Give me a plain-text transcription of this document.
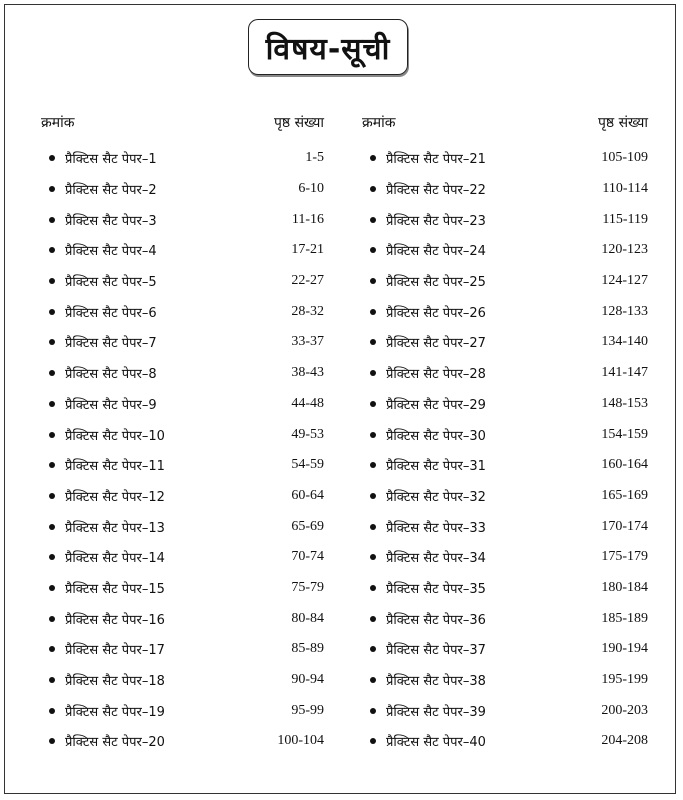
विषय-सूची
क्रमांक	पृष्ठ संख्या
प्रैक्टिस सैट पेपर–1	1-5
प्रैक्टिस सैट पेपर–2	6-10
प्रैक्टिस सैट पेपर–3	11-16
प्रैक्टिस सैट पेपर–4	17-21
प्रैक्टिस सैट पेपर–5	22-27
प्रैक्टिस सैट पेपर–6	28-32
प्रैक्टिस सैट पेपर–7	33-37
प्रैक्टिस सैट पेपर–8	38-43
प्रैक्टिस सैट पेपर–9	44-48
प्रैक्टिस सैट पेपर–10	49-53
प्रैक्टिस सैट पेपर–11	54-59
प्रैक्टिस सैट पेपर–12	60-64
प्रैक्टिस सैट पेपर–13	65-69
प्रैक्टिस सैट पेपर–14	70-74
प्रैक्टिस सैट पेपर–15	75-79
प्रैक्टिस सैट पेपर–16	80-84
प्रैक्टिस सैट पेपर–17	85-89
प्रैक्टिस सैट पेपर–18	90-94
प्रैक्टिस सैट पेपर–19	95-99
प्रैक्टिस सैट पेपर–20	100-104
क्रमांक	पृष्ठ संख्या
प्रैक्टिस सैट पेपर–21	105-109
प्रैक्टिस सैट पेपर–22	110-114
प्रैक्टिस सैट पेपर–23	115-119
प्रैक्टिस सैट पेपर–24	120-123
प्रैक्टिस सैट पेपर–25	124-127
प्रैक्टिस सैट पेपर–26	128-133
प्रैक्टिस सैट पेपर–27	134-140
प्रैक्टिस सैट पेपर–28	141-147
प्रैक्टिस सैट पेपर–29	148-153
प्रैक्टिस सैट पेपर–30	154-159
प्रैक्टिस सैट पेपर–31	160-164
प्रैक्टिस सैट पेपर–32	165-169
प्रैक्टिस सैट पेपर–33	170-174
प्रैक्टिस सैट पेपर–34	175-179
प्रैक्टिस सैट पेपर–35	180-184
प्रैक्टिस सैट पेपर–36	185-189
प्रैक्टिस सैट पेपर–37	190-194
प्रैक्टिस सैट पेपर–38	195-199
प्रैक्टिस सैट पेपर–39	200-203
प्रैक्टिस सैट पेपर–40	204-208
